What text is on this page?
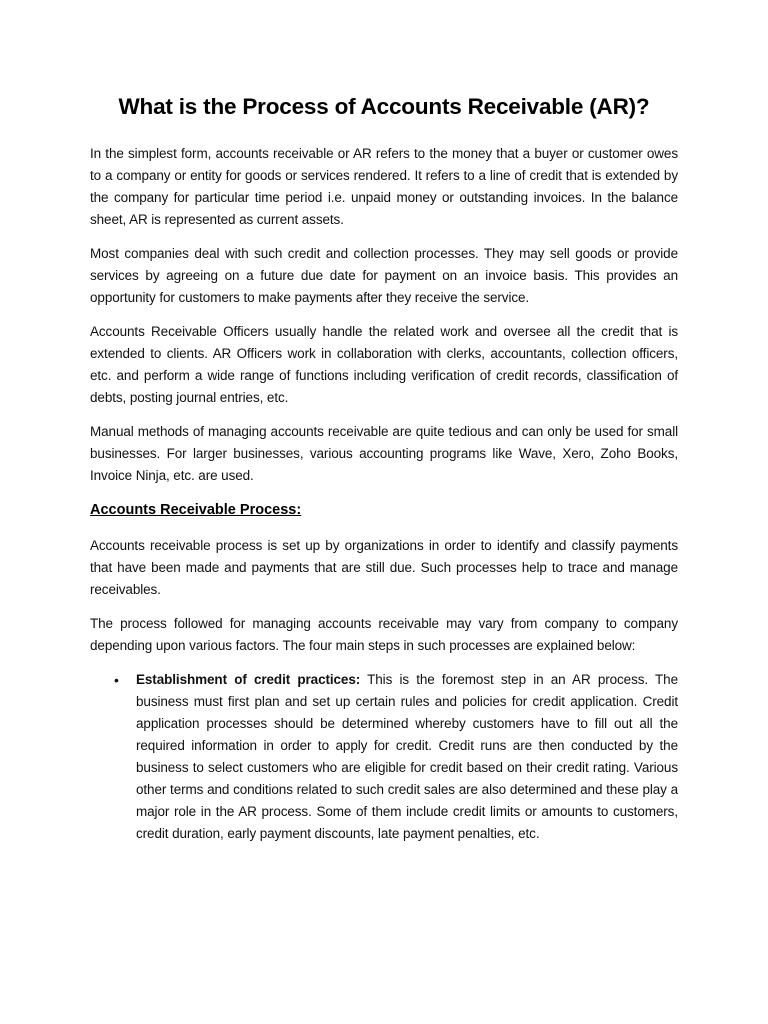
What is the Process of Accounts Receivable (AR)?

In the simplest form, accounts receivable or AR refers to the money that a buyer or customer owes to a company or entity for goods or services rendered. It refers to a line of credit that is extended by the company for particular time period i.e. unpaid money or outstanding invoices. In the balance sheet, AR is represented as current assets.

Most companies deal with such credit and collection processes. They may sell goods or provide services by agreeing on a future due date for payment on an invoice basis. This provides an opportunity for customers to make payments after they receive the service.

Accounts Receivable Officers usually handle the related work and oversee all the credit that is extended to clients. AR Officers work in collaboration with clerks, accountants, collection officers, etc. and perform a wide range of functions including verification of credit records, classification of debts, posting journal entries, etc.

Manual methods of managing accounts receivable are quite tedious and can only be used for small businesses. For larger businesses, various accounting programs like Wave, Xero, Zoho Books, Invoice Ninja, etc. are used.

Accounts Receivable Process:

Accounts receivable process is set up by organizations in order to identify and classify payments that have been made and payments that are still due. Such processes help to trace and manage receivables.

The process followed for managing accounts receivable may vary from company to company depending upon various factors. The four main steps in such processes are explained below:

• Establishment of credit practices: This is the foremost step in an AR process. The business must first plan and set up certain rules and policies for credit application. Credit application processes should be determined whereby customers have to fill out all the required information in order to apply for credit. Credit runs are then conducted by the business to select customers who are eligible for credit based on their credit rating. Various other terms and conditions related to such credit sales are also determined and these play a major role in the AR process. Some of them include credit limits or amounts to customers, credit duration, early payment discounts, late payment penalties, etc.
